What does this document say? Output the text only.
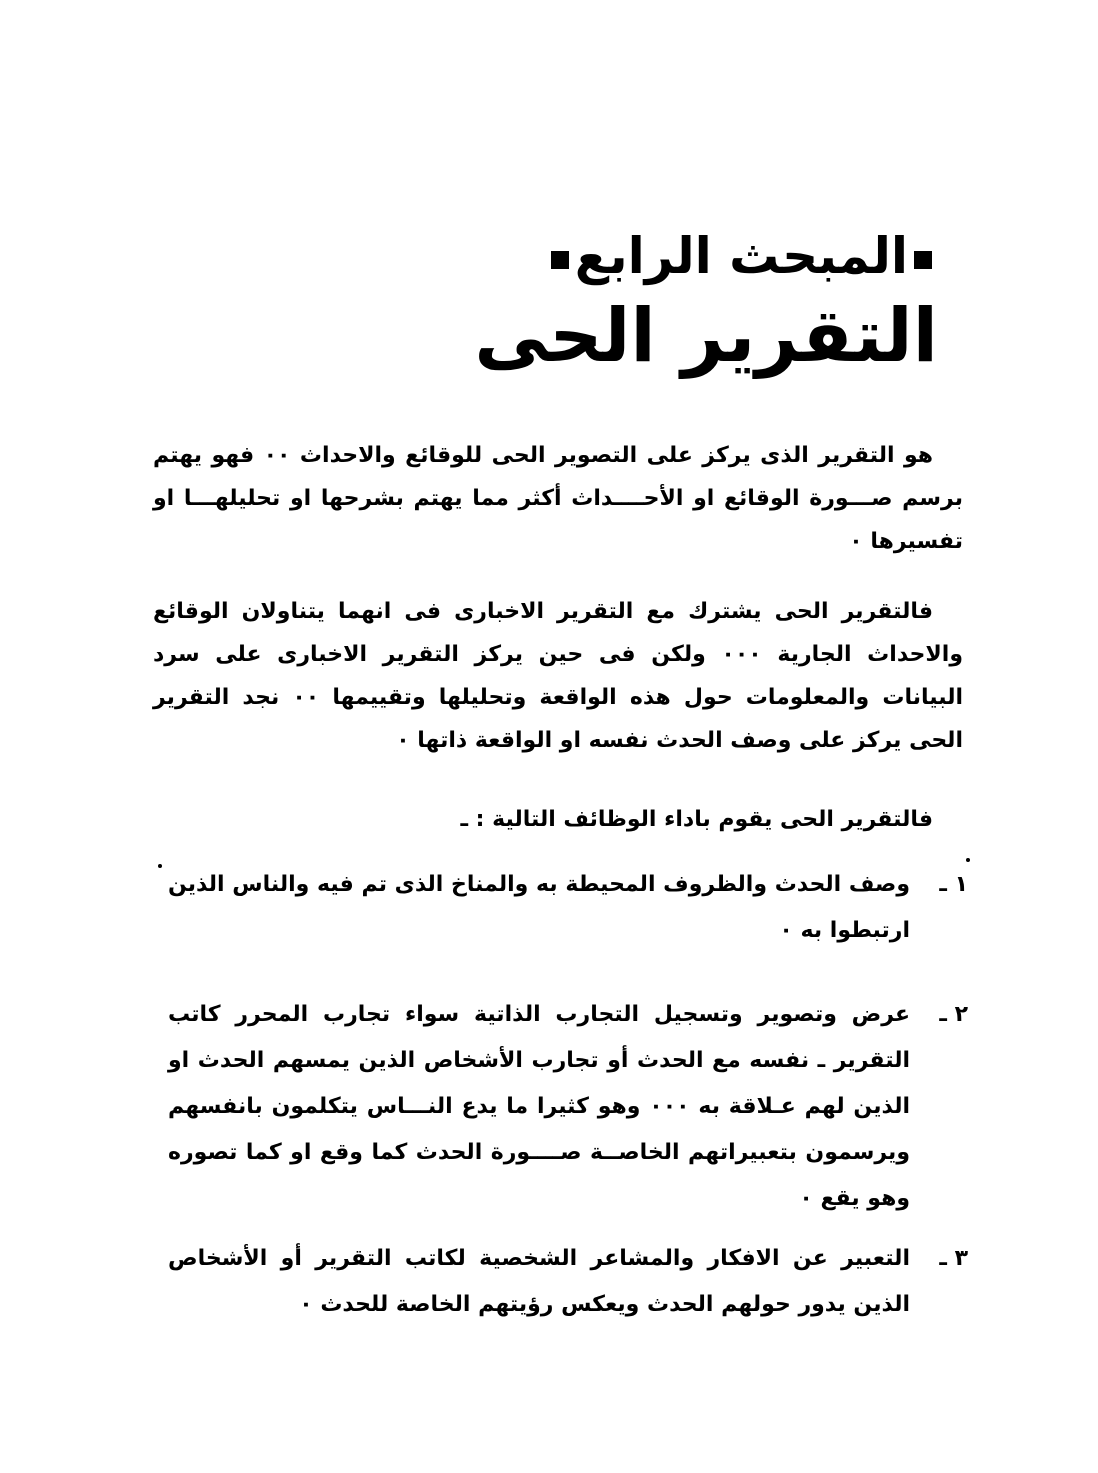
المبحث الرابع
التقرير الحى
هو التقرير الذى يركز على التصوير الحى للوقائع والاحداث ٠٠ فهو يهتم برسم صـــورة الوقائع او الأحــــداث أكثر مما يهتم بشرحها او تحليلهـــا او تفسيرها ٠
فالتقرير الحى يشترك مع التقرير الاخبارى فى انهما يتناولان الوقائع والاحداث الجارية ٠٠٠ ولكن فى حين يركز التقرير الاخبارى على سرد البيانات والمعلومات حول هذه الواقعة وتحليلها وتقييمها ٠٠ نجد التقرير الحى يركز على وصف الحدث نفسه او الواقعة ذاتها ٠
فالتقرير الحى يقوم باداء الوظائف التالية : ـ
١ ـ
وصف الحدث والظروف المحيطة به والمناخ الذى تم فيه والناس الذين ارتبطوا به ٠
٢ ـ
عرض وتصوير وتسجيل التجارب الذاتية سواء تجارب المحرر كاتب التقرير ـ نفسه مع الحدث أو تجارب الأشخاص الذين يمسهم الحدث او الذين لهم عـلاقة به ٠٠٠ وهو كثيرا ما يدع النـــاس يتكلمون بانفسهم ويرسمون بتعبيراتهم الخاصــة صــــورة الحدث كما وقع او كما تصوره وهو يقع ٠
٣ ـ
التعبير عن الافكار والمشاعر الشخصية لكاتب التقرير أو الأشخاص الذين يدور حولهم الحدث ويعكس رؤيتهم الخاصة للحدث ٠
